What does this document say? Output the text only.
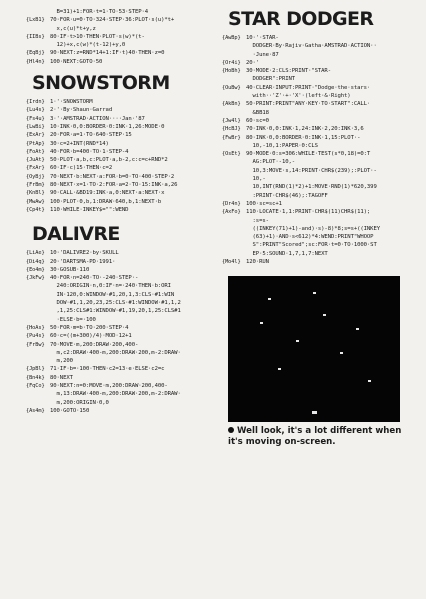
B=31)+1:FOR·t=1·TO·53·STEP·4
{LxB1} 70·FOR·u=0·TO·324·STEP·36:PLOT·s(u)*t+
x,c(u)*t+y,z
{IIBs} 80·IF·t>10·THEN·PLOT·s(w)*(t-
12)+x,c(w)*(t-12)+y,0
{EqBj} 90·NEXT:z=RND*14+1:IF·t)40·THEN·z=0
{Hl4n} 100·NEXT:GOTO·50
SNOWSTORM
{Irdn} 1·'·SNOWSTORM
{Lu4s} 2·'·By·Shaun·Garrad
{Fs4u} 3·'·AMSTRAD·ACTION····Jan·'87
{LwBi} 10·INK·0,0:BORDER·0:INK·1,26:MODE·0
{ExAr} 20·FOR·a=1·TO·640·STEP·15
{PtAp} 30·c=2+INT(RND*14)
{FoAt} 40·FOR·b=400·TO·1·STEP-4
{JuAt} 50·PLOT·a,b,c:PLOT·a,b-2,c:c=c+RND*2
{FxAr} 60·IF·c)15·THEN·c=2
{OyBj} 70·NEXT·b:NEXT·a:FOR·b=0·TO·400·STEP·2
{FrBm} 80·NEXT·x=1·TO·2:FOR·a=2·TO·15:INK·a,26
{KnBl} 90·CALL·&BD19:INK·a,0:NEXT·a:NEXT·x
{MwAw} 100·PLOT·0,b,1:DRAW·640,b,1:NEXT·b
{Cp4t} 110·WHILE·INKEY$="":WEND
DALIVRE
{LiAe} 10·'DALIVRE2·by·SKULL
{Di4q} 20·'DARTSMA-PD·1991·
{Eo4m} 30·GOSUB·110
{JkFw} 40·FOR·n=240·TO·-240·STEP·-
240:ORIGIN·n,0:IF·n=·240·THEN·b:ORI
IN·120,0:WINDOW·#1,20,1,3:CLS·#1:WIN
DOW·#1,1,20,23,25:CLS·#1:WINDOW·#1,1,2
,1,25:CLS#1:WINDOW·#1,19,20,1,25:CLS#1
·ELSE·b=·100
{HoAs} 50·FOR·m=b·TO·200·STEP·4
{Pu4s} 60·c=((m+300)/4)·MOD·12+1
{FrBw} 70·MOVE·m,200:DRAW·200,400-
m,c2:DRAW·400-m,200:DRAW·200,m-2:DRAW·
m,200
{JpBl} 71·IF·b=·100·THEN·c2=13·e·ELSE·c2=c
{Bn4k} 80·NEXT
{FqCo} 90·NEXT:n=0:MOVE·m,200:DRAW·200,400-
m,13:DRAW·400-m,200:DRAW·200,m-2:DRAW·
m,200:ORIGIN·0,0
{As4m} 100·GOTO·150
STAR DODGER
{AwBp} 10·'·STAR-
DODGER·By·Rajiv·Gatha·AMSTRAD·ACTION··
·June·87
{Or4i} 20·'
{HoBh} 30·MODE·2:CLS:PRINT·"STAR-
DODGER":PRINT
{OuBw} 40·CLEAR·INPUT:PRINT·"Dodge·the·stars·
with··'Z'·+·'X'·(left·&·Right)
{AkBn} 50·PRINT:PRINT"ANY·KEY·TO·START":CALL·
&BB18
{Jw4l} 60·sc=0
{HcBJ} 70·INK·0,0:INK·1,24:INK·2,20:INK·3,6
{FwBr} 80·INK·0,0:BORDER·0:INK·1,15:PLOT·-
10,-10,1:PAPER·0:CLS
{OsEt} 90·MODE·0:s=306:WHILE·TEST(s*0,18)=0:T
AG:PLOT·-10,-
10,3:MOVE·s,14:PRINT·CHR$(239);:PLOT·-
10,-
10,INT(RND(1)*2)+1:MOVE·RND(1)*620,399
:PRINT·CHR$(46);:TAGOFF
{Dr4n} 100·sc=sc+1
{AxFo} 110·LOCATE·1,1:PRINT·CHR$(11)CHR$(11);
:s=s-
((INKEY(71)+1)-and)·s)-8)*8;s=s+((INKEY
(63)+1)·AND·s<612)*4:WEND:PRINT"WHOOP
S":PRINT"Scored";sc:FOR·t=0·TO·1000·ST
EP·5:SOUND·1,7,1,7:NEXT
{Mo4l} 120·RUN
Well look, it's a lot different when it's moving on-screen.
